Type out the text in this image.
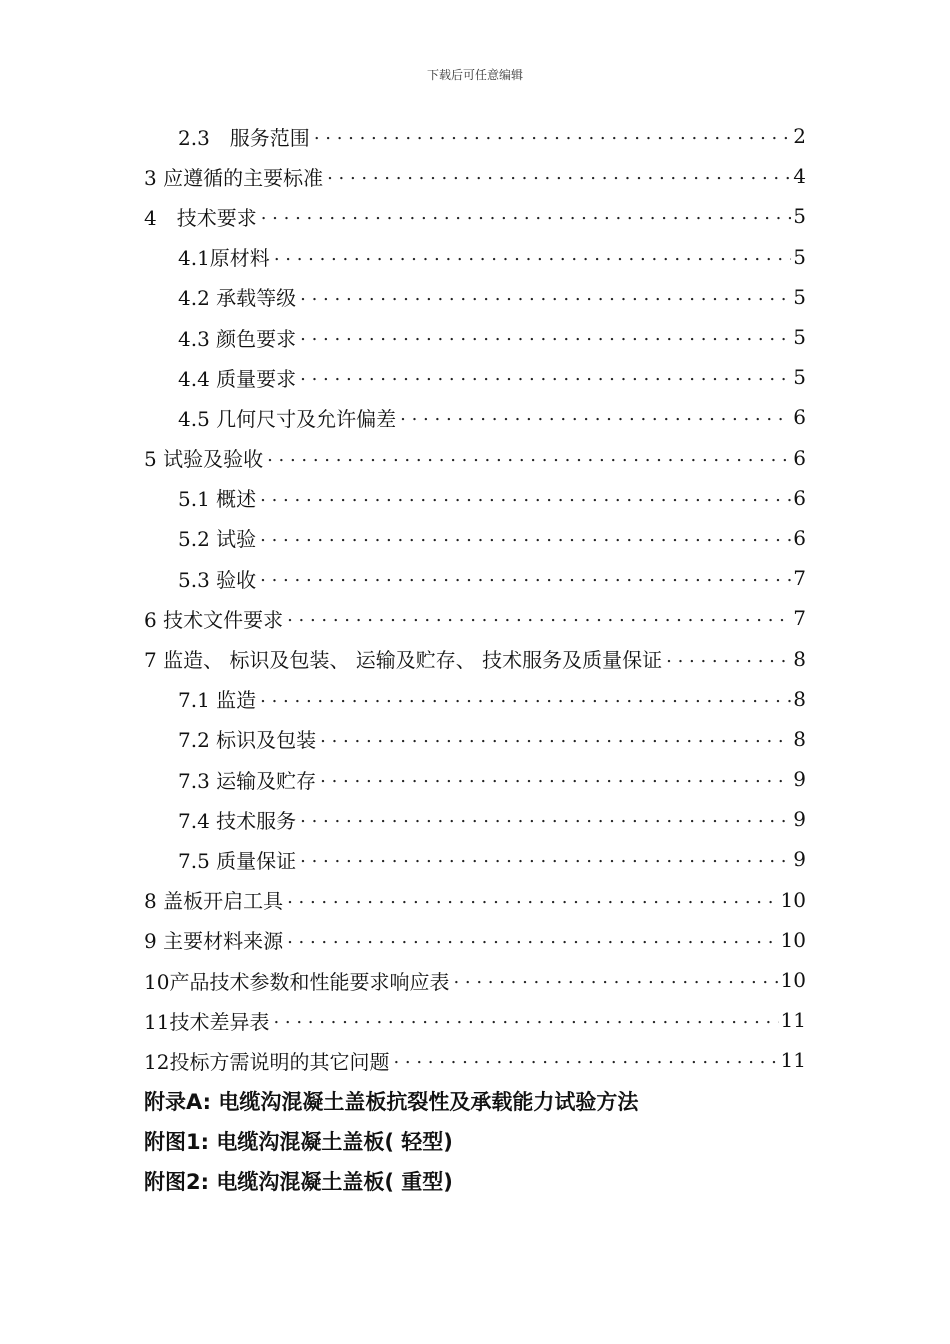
下载后可任意编辑
2.3　服务范围 . . .	2
3 应遵循的主要标准 . . .	4
4　技术要求 . . .	5
4.1原材料 . . .	5
4.2 承载等级 . . .	5
4.3 颜色要求 . . .	5
4.4 质量要求 . . .	5
4.5 几何尺寸及允许偏差 . . .	6
5 试验及验收 . . .	6
5.1 概述 . . .	6
5.2 试验 . . .	6
5.3 验收 . . .	7
6 技术文件要求 . . .	7
7 监造、 标识及包装、 运输及贮存、 技术服务及质量保证 . . .	8
7.1 监造 . . .	8
7.2 标识及包装 . . .	8
7.3 运输及贮存 . . .	9
7.4 技术服务 . . .	9
7.5 质量保证 . . .	9
8 盖板开启工具 . . .	10
9 主要材料来源 . . .	10
10产品技术参数和性能要求响应表 . . .	10
11技术差异表 . . .	11
12投标方需说明的其它问题 . . .	11
附录A: 电缆沟混凝土盖板抗裂性及承载能力试验方法
附图1: 电缆沟混凝土盖板( 轻型)
附图2: 电缆沟混凝土盖板( 重型)
